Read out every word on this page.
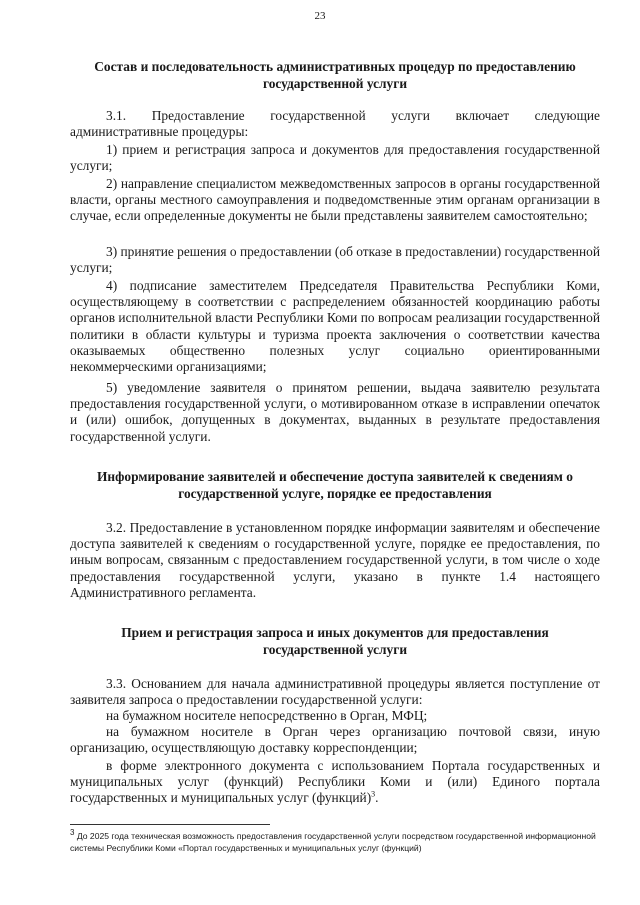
23
Состав и последовательность административных процедур по предоставлению государственной услуги
3.1. Предоставление государственной услуги включает следующие административные процедуры:
1) прием и регистрация запроса и документов для предоставления государственной услуги;
2) направление специалистом межведомственных запросов в органы государственной власти, органы местного самоуправления и подведомственные этим органам организации в случае, если определенные документы не были представлены заявителем самостоятельно;
3) принятие решения о предоставлении (об отказе в предоставлении) государственной услуги;
4) подписание заместителем Председателя Правительства Республики Коми, осуществляющему в соответствии с распределением обязанностей координацию работы органов исполнительной власти Республики Коми по вопросам реализации государственной политики в области культуры и туризма проекта заключения о соответствии качества оказываемых общественно полезных услуг социально ориентированными некоммерческими организациями;
5) уведомление заявителя о принятом решении, выдача заявителю результата предоставления государственной услуги, о мотивированном отказе в исправлении опечаток и (или) ошибок, допущенных в документах, выданных в результате предоставления государственной услуги.
Информирование заявителей и обеспечение доступа заявителей к сведениям о государственной услуге, порядке ее предоставления
3.2. Предоставление в установленном порядке информации заявителям и обеспечение доступа заявителей к сведениям о государственной услуге, порядке ее предоставления, по иным вопросам, связанным с предоставлением государственной услуги, в том числе о ходе предоставления государственной услуги, указано в пункте 1.4 настоящего Административного регламента.
Прием и регистрация запроса и иных документов для предоставления государственной услуги
3.3. Основанием для начала административной процедуры является поступление от заявителя запроса о предоставлении государственной услуги:
на бумажном носителе непосредственно в Орган, МФЦ;
на бумажном носителе в Орган через организацию почтовой связи, иную организацию, осуществляющую доставку корреспонденции;
в форме электронного документа с использованием Портала государственных и муниципальных услуг (функций) Республики Коми и (или) Единого портала государственных и муниципальных услуг (функций)$^3$.
$^3$ До 2025 года техническая возможность предоставления государственной услуги посредством государственной информационной системы Республики Коми «Портал государственных и муниципальных услуг (функций)
